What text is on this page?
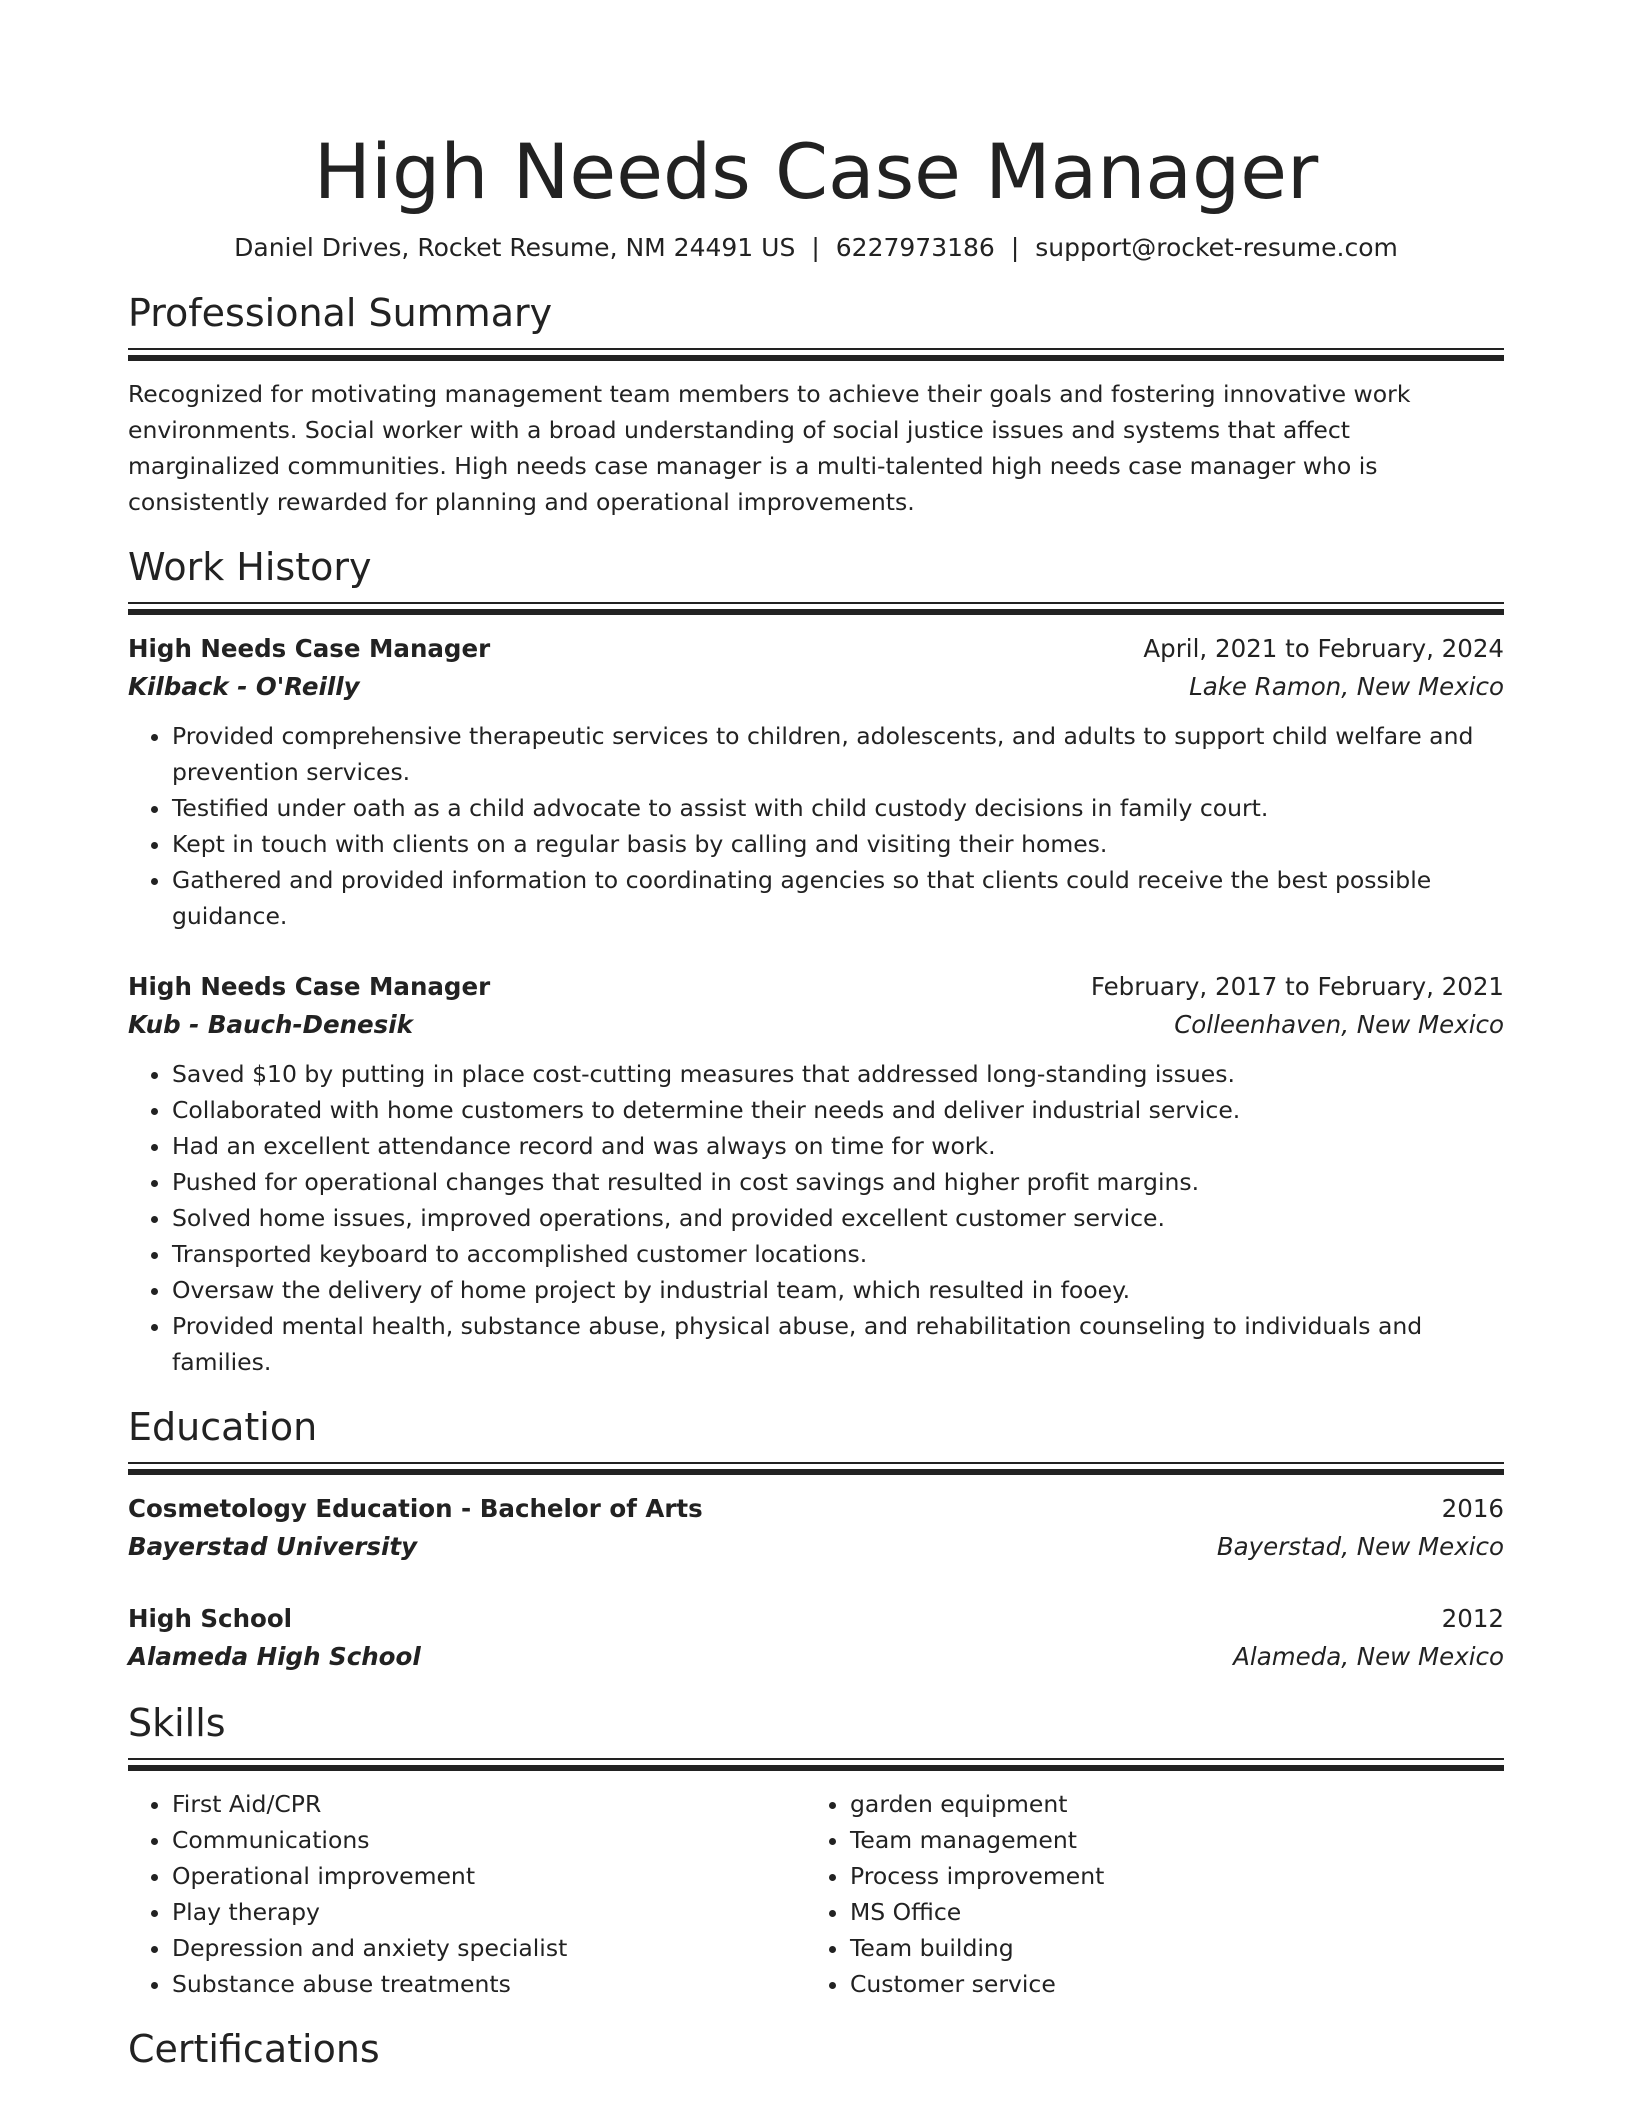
High Needs Case Manager
Daniel Drives, Rocket Resume, NM 24491 US | 6227973186 | support@rocket-resume.com
Professional Summary

Recognized for motivating management team members to achieve their goals and fostering innovative work environments. Social worker with a broad understanding of social justice issues and systems that affect marginalized communities. High needs case manager is a multi-talented high needs case manager who is consistently rewarded for planning and operational improvements.

Work History
High Needs Case Manager	April, 2021 to February, 2024
Kilback - O'Reilly	Lake Ramon, New Mexico
• Provided comprehensive therapeutic services to children, adolescents, and adults to support child welfare and prevention services.
• Testified under oath as a child advocate to assist with child custody decisions in family court.
• Kept in touch with clients on a regular basis by calling and visiting their homes.
• Gathered and provided information to coordinating agencies so that clients could receive the best possible guidance.
High Needs Case Manager	February, 2017 to February, 2021
Kub - Bauch-Denesik	Colleenhaven, New Mexico
• Saved $10 by putting in place cost-cutting measures that addressed long-standing issues.
• Collaborated with home customers to determine their needs and deliver industrial service.
• Had an excellent attendance record and was always on time for work.
• Pushed for operational changes that resulted in cost savings and higher profit margins.
• Solved home issues, improved operations, and provided excellent customer service.
• Transported keyboard to accomplished customer locations.
• Oversaw the delivery of home project by industrial team, which resulted in fooey.
• Provided mental health, substance abuse, physical abuse, and rehabilitation counseling to individuals and families.
Education
Cosmetology Education - Bachelor of Arts	2016
Bayerstad University	Bayerstad, New Mexico
High School	2012
Alameda High School	Alameda, New Mexico
Skills
• First Aid/CPR
• Communications
• Operational improvement
• Play therapy
• Depression and anxiety specialist
• Substance abuse treatments
• garden equipment
• Team management
• Process improvement
• MS Office
• Team building
• Customer service
Certifications
